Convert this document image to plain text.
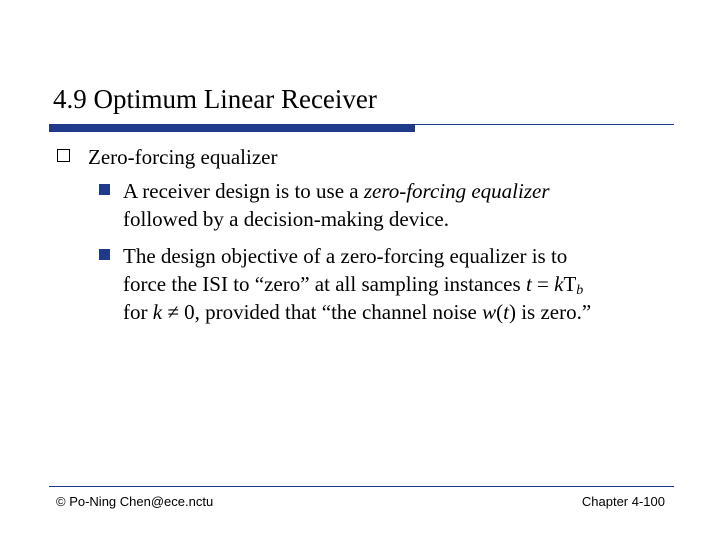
4.9 Optimum Linear Receiver
Zero-forcing equalizer
A receiver design is to use a zero-forcing equalizer
followed by a decision-making device.
The design objective of a zero-forcing equalizer is to
force the ISI to “zero” at all sampling instances $t = kT_b$
for k ≠ 0, provided that “the channel noise w(t) is zero.”
© Po-Ning Chen@ece.nctu	Chapter 4-100
